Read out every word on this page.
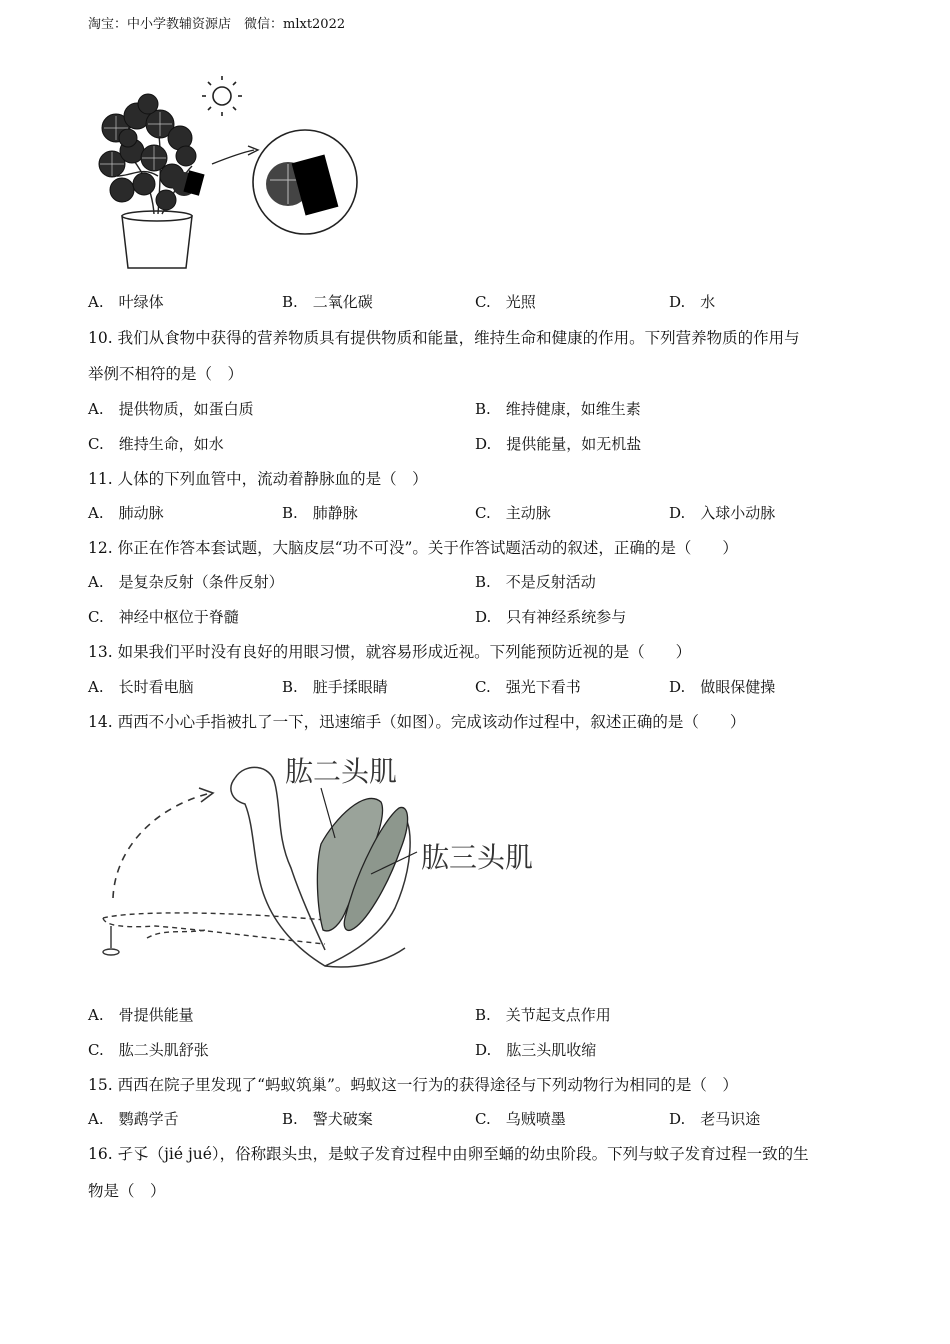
淘宝：中小学教辅资源店　微信：mlxt2022
A.　叶绿体	B.　二氧化碳	C.　光照	D.　水
10. 我们从食物中获得的营养物质具有提供物质和能量，维持生命和健康的作用。下列营养物质的作用与
举例不相符的是（　）
A.　提供物质，如蛋白质	B.　维持健康，如维生素
C.　维持生命，如水	D.　提供能量，如无机盐
11. 人体的下列血管中，流动着静脉血的是（　）
A.　肺动脉	B.　肺静脉	C.　主动脉	D.　入球小动脉
12. 你正在作答本套试题，大脑皮层“功不可没”。关于作答试题活动的叙述，正确的是（　　）
A.　是复杂反射（条件反射）	B.　不是反射活动
C.　神经中枢位于脊髓	D.　只有神经系统参与
13. 如果我们平时没有良好的用眼习惯，就容易形成近视。下列能预防近视的是（　　）
A.　长时看电脑	B.　脏手揉眼睛	C.　强光下看书	D.　做眼保健操
14. 西西不小心手指被扎了一下，迅速缩手（如图）。完成该动作过程中，叙述正确的是（　　）
肱二头肌
肱三头肌
A.　骨提供能量	B.　关节起支点作用
C.　肱二头肌舒张	D.　肱三头肌收缩
15. 西西在院子里发现了“蚂蚁筑巢”。蚂蚁这一行为的获得途径与下列动物行为相同的是（　）
A.　鹦鹉学舌	B.　警犬破案	C.　乌贼喷墨	D.　老马识途
16. 孑孓（jié jué），俗称跟头虫，是蚊子发育过程中由卵至蛹的幼虫阶段。下列与蚊子发育过程一致的生
物是（　）
